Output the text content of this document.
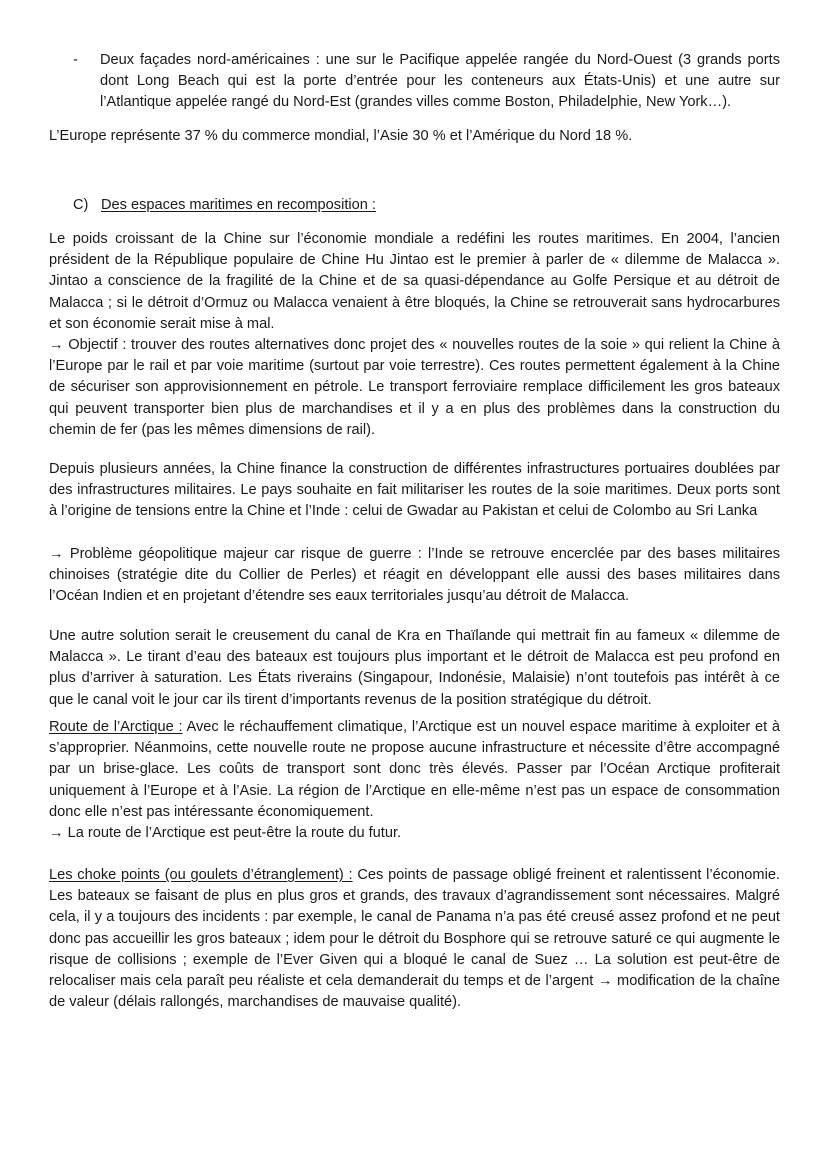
-	Deux façades nord-américaines : une sur le Pacifique appelée rangée du Nord-Ouest (3 grands ports dont Long Beach qui est la porte d’entrée pour les conteneurs aux États-Unis) et une autre sur l’Atlantique appelée rangé du Nord-Est (grandes villes comme Boston, Philadelphie, New York…).

L’Europe représente 37 % du commerce mondial, l’Asie 30 % et l’Amérique du Nord 18 %.

C) Des espaces maritimes en recomposition :

Le poids croissant de la Chine sur l’économie mondiale a redéfini les routes maritimes. En 2004, l’ancien président de la République populaire de Chine Hu Jintao est le premier à parler de « dilemme de Malacca ». Jintao a conscience de la fragilité de la Chine et de sa quasi-dépendance au Golfe Persique et au détroit de Malacca ; si le détroit d’Ormuz ou Malacca venaient à être bloqués, la Chine se retrouverait sans hydrocarbures et son économie serait mise à mal.

→ Objectif : trouver des routes alternatives donc projet des « nouvelles routes de la soie » qui relient la Chine à l’Europe par le rail et par voie maritime (surtout par voie terrestre). Ces routes permettent également à la Chine de sécuriser son approvisionnement en pétrole. Le transport ferroviaire remplace difficilement les gros bateaux qui peuvent transporter bien plus de marchandises et il y a en plus des problèmes dans la construction du chemin de fer (pas les mêmes dimensions de rail).

Depuis plusieurs années, la Chine finance la construction de différentes infrastructures portuaires doublées par des infrastructures militaires. Le pays souhaite en fait militariser les routes de la soie maritimes. Deux ports sont à l’origine de tensions entre la Chine et l’Inde : celui de Gwadar au Pakistan et celui de Colombo au Sri Lanka

→ Problème géopolitique majeur car risque de guerre : l’Inde se retrouve encerclée par des bases militaires chinoises (stratégie dite du Collier de Perles) et réagit en développant elle aussi des bases militaires dans l’Océan Indien et en projetant d’étendre ses eaux territoriales jusqu’au détroit de Malacca.

Une autre solution serait le creusement du canal de Kra en Thaïlande qui mettrait fin au fameux « dilemme de Malacca ». Le tirant d’eau des bateaux est toujours plus important et le détroit de Malacca est peu profond en plus d’arriver à saturation. Les États riverains (Singapour, Indonésie, Malaisie) n’ont toutefois pas intérêt à ce que le canal voit le jour car ils tirent d’importants revenus de la position stratégique du détroit.

Route de l’Arctique : Avec le réchauffement climatique, l’Arctique est un nouvel espace maritime à exploiter et à s’approprier. Néanmoins, cette nouvelle route ne propose aucune infrastructure et nécessite d’être accompagné par un brise-glace. Les coûts de transport sont donc très élevés. Passer par l’Océan Arctique profiterait uniquement à l’Europe et à l’Asie. La région de l’Arctique en elle-même n’est pas un espace de consommation donc elle n’est pas intéressante économiquement.

→ La route de l’Arctique est peut-être la route du futur.

Les choke points (ou goulets d’étranglement) : Ces points de passage obligé freinent et ralentissent l’économie. Les bateaux se faisant de plus en plus gros et grands, des travaux d’agrandissement sont nécessaires. Malgré cela, il y a toujours des incidents : par exemple, le canal de Panama n’a pas été creusé assez profond et ne peut donc pas accueillir les gros bateaux ; idem pour le détroit du Bosphore qui se retrouve saturé ce qui augmente le risque de collisions ; exemple de l’Ever Given qui a bloqué le canal de Suez … La solution est peut-être de relocaliser mais cela paraît peu réaliste et cela demanderait du temps et de l’argent → modification de la chaîne de valeur (délais rallongés, marchandises de mauvaise qualité).
